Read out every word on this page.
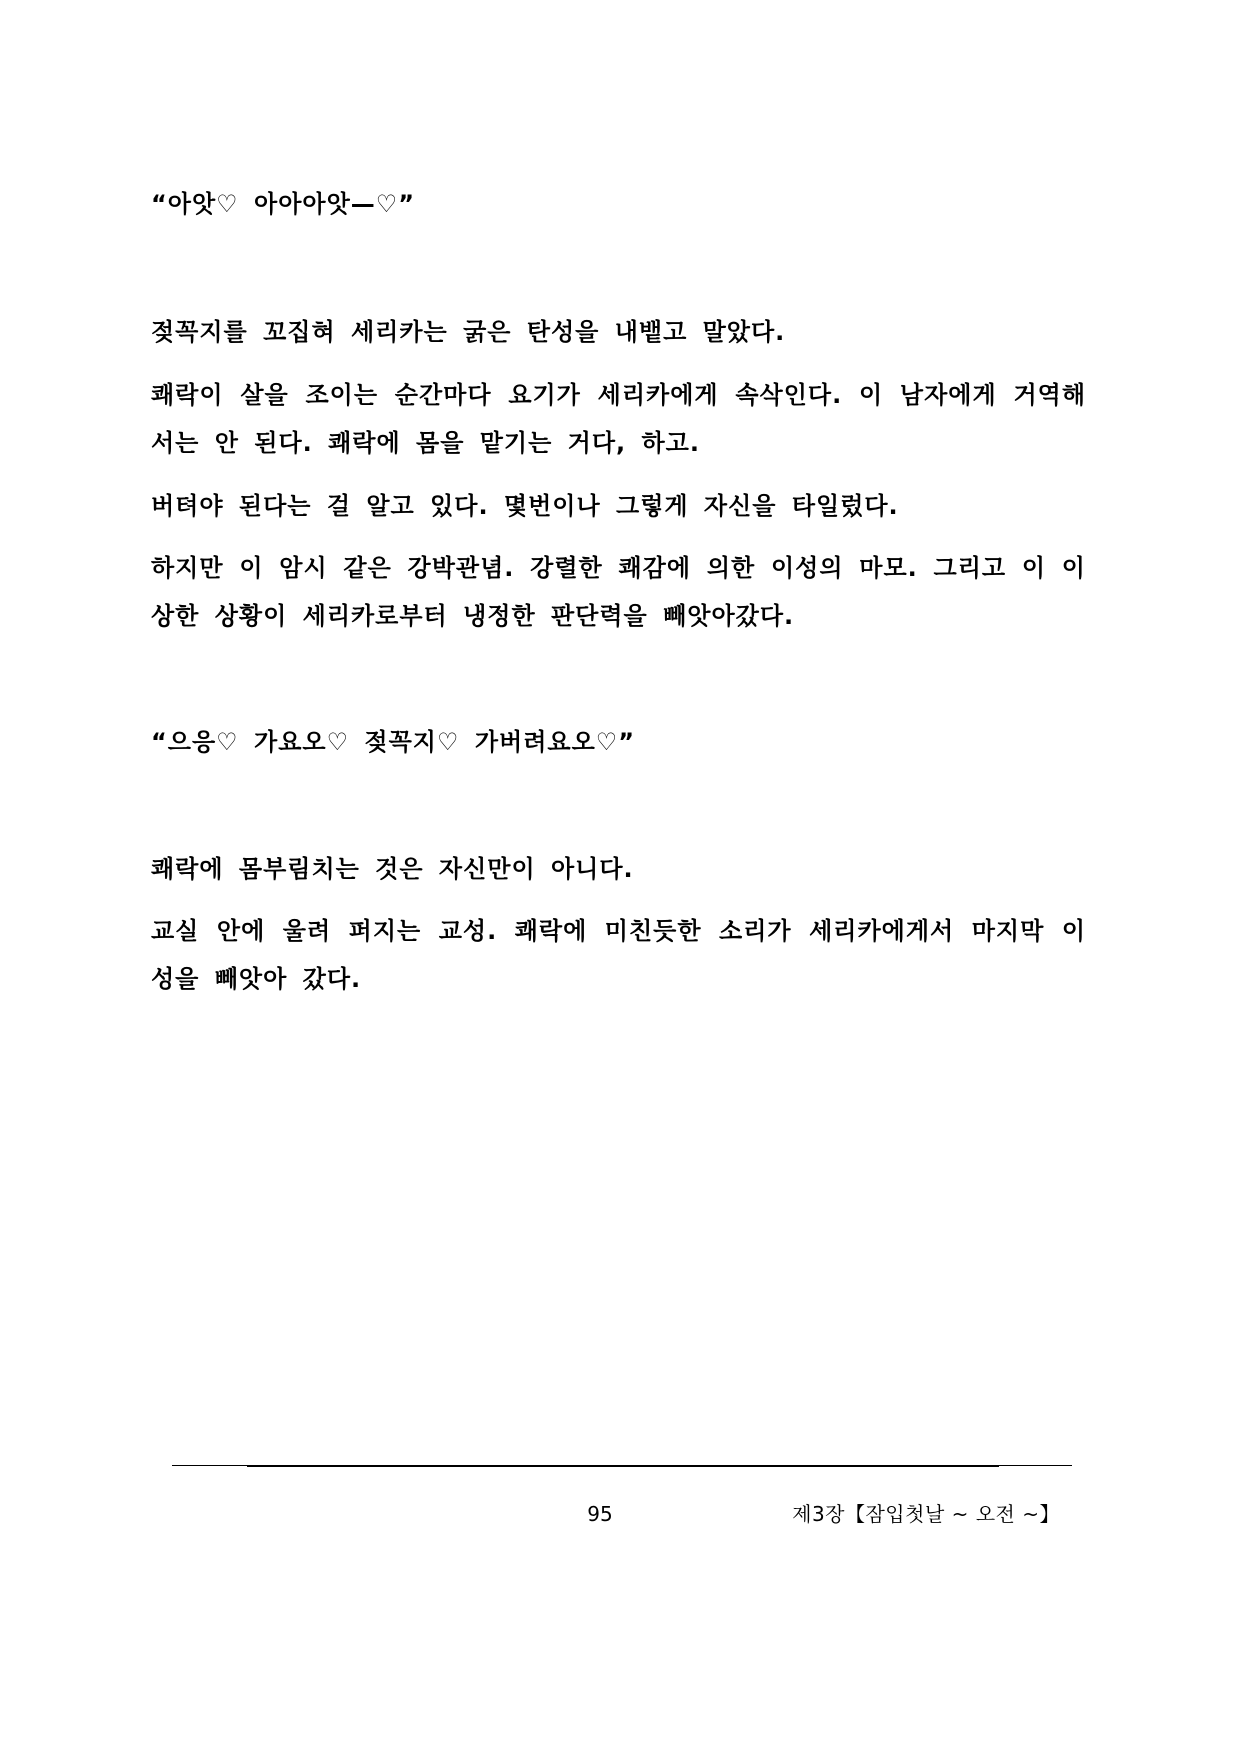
“아앗♡ 아아아앗—♡”
젖꼭지를 꼬집혀 세리카는 굵은 탄성을 내뱉고 말았다.
쾌락이 살을 조이는 순간마다 요기가 세리카에게 속삭인다. 이 남자에게 거역해서는 안 된다. 쾌락에 몸을 맡기는 거다, 하고.
버텨야 된다는 걸 알고 있다. 몇번이나 그렇게 자신을 타일렀다.
하지만 이 암시 같은 강박관념. 강렬한 쾌감에 의한 이성의 마모. 그리고 이 이상한 상황이 세리카로부터 냉정한 판단력을 빼앗아갔다.
“으응♡ 가요오♡ 젖꼭지♡ 가버려요오♡”
쾌락에 몸부림치는 것은 자신만이 아니다.
교실 안에 울려 퍼지는 교성. 쾌락에 미친듯한 소리가 세리카에게서 마지막 이성을 빼앗아 갔다.
95	제3장【잠입첫날 ~ 오전 ~】
